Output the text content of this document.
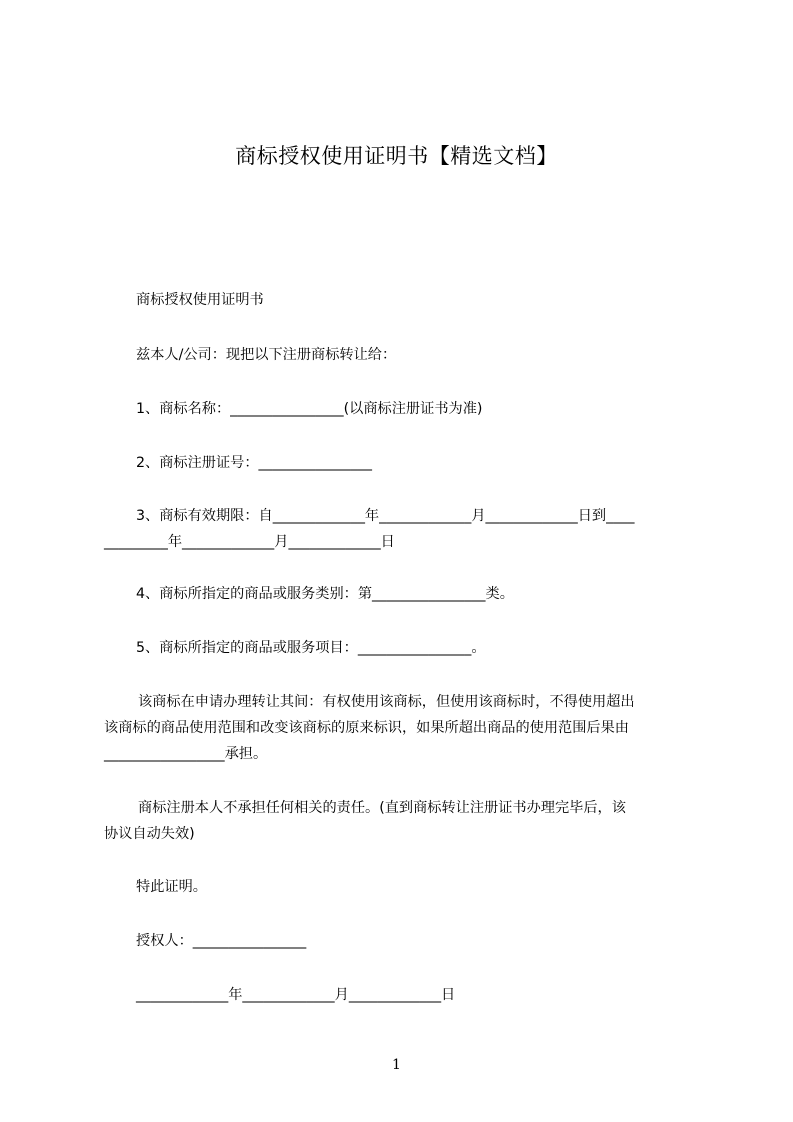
商标授权使用证明书【精选文档】
商标授权使用证明书
兹本人/公司：现把以下注册商标转让给：
1、商标名称：________________(以商标注册证书为准)
2、商标注册证号：________________
3、商标有效期限：自_____________年_____________月_____________日到____
_________年_____________月_____________日
4、商标所指定的商品或服务类别：第________________类。
5、商标所指定的商品或服务项目：________________。
该商标在申请办理转让其间：有权使用该商标，但使用该商标时，不得使用超出
该商标的商品使用范围和改变该商标的原来标识，如果所超出商品的使用范围后果由
_________________承担。
商标注册本人不承担任何相关的责任。(直到商标转让注册证书办理完毕后，该
协议自动失效)
特此证明。
授权人：________________
_____________年_____________月_____________日
1
